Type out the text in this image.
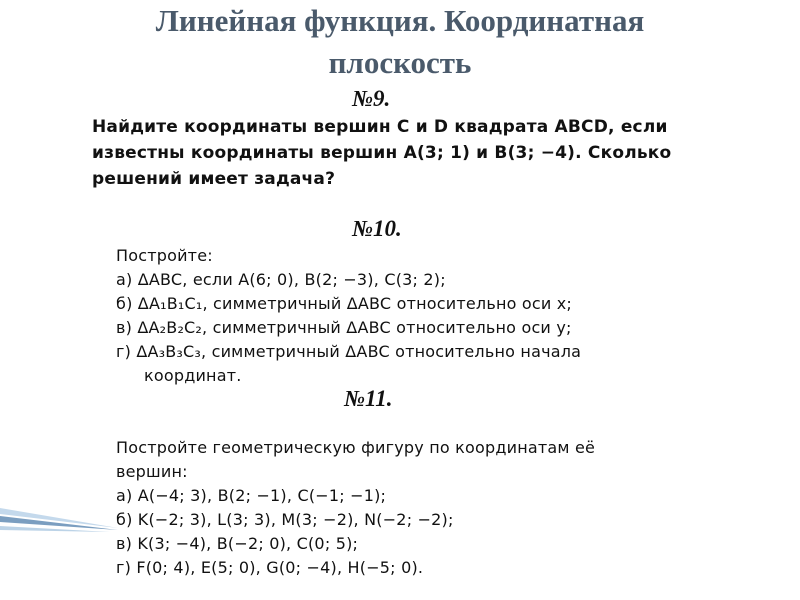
Линейная функция. Координатная
плоскость
№9.
Найдите координаты вершин C и D квадрата ABCD, если
известны координаты вершин A(3; 1) и B(3; −4). Сколько
решений имеет задача?
№10.
Постройте:
а) ΔABC, если A(6; 0), B(2; −3), C(3; 2);
б) ΔA₁B₁C₁, симметричный ΔABC относительно оси x;
в) ΔA₂B₂C₂, симметричный ΔABC относительно оси y;
г) ΔA₃B₃C₃, симметричный ΔABC относительно начала
координат.
№11.
Постройте геометрическую фигуру по координатам её
вершин:
а) A(−4; 3), B(2; −1), C(−1; −1);
б) K(−2; 3), L(3; 3), M(3; −2), N(−2; −2);
в) K(3; −4), B(−2; 0), C(0; 5);
г) F(0; 4), E(5; 0), G(0; −4), H(−5; 0).
